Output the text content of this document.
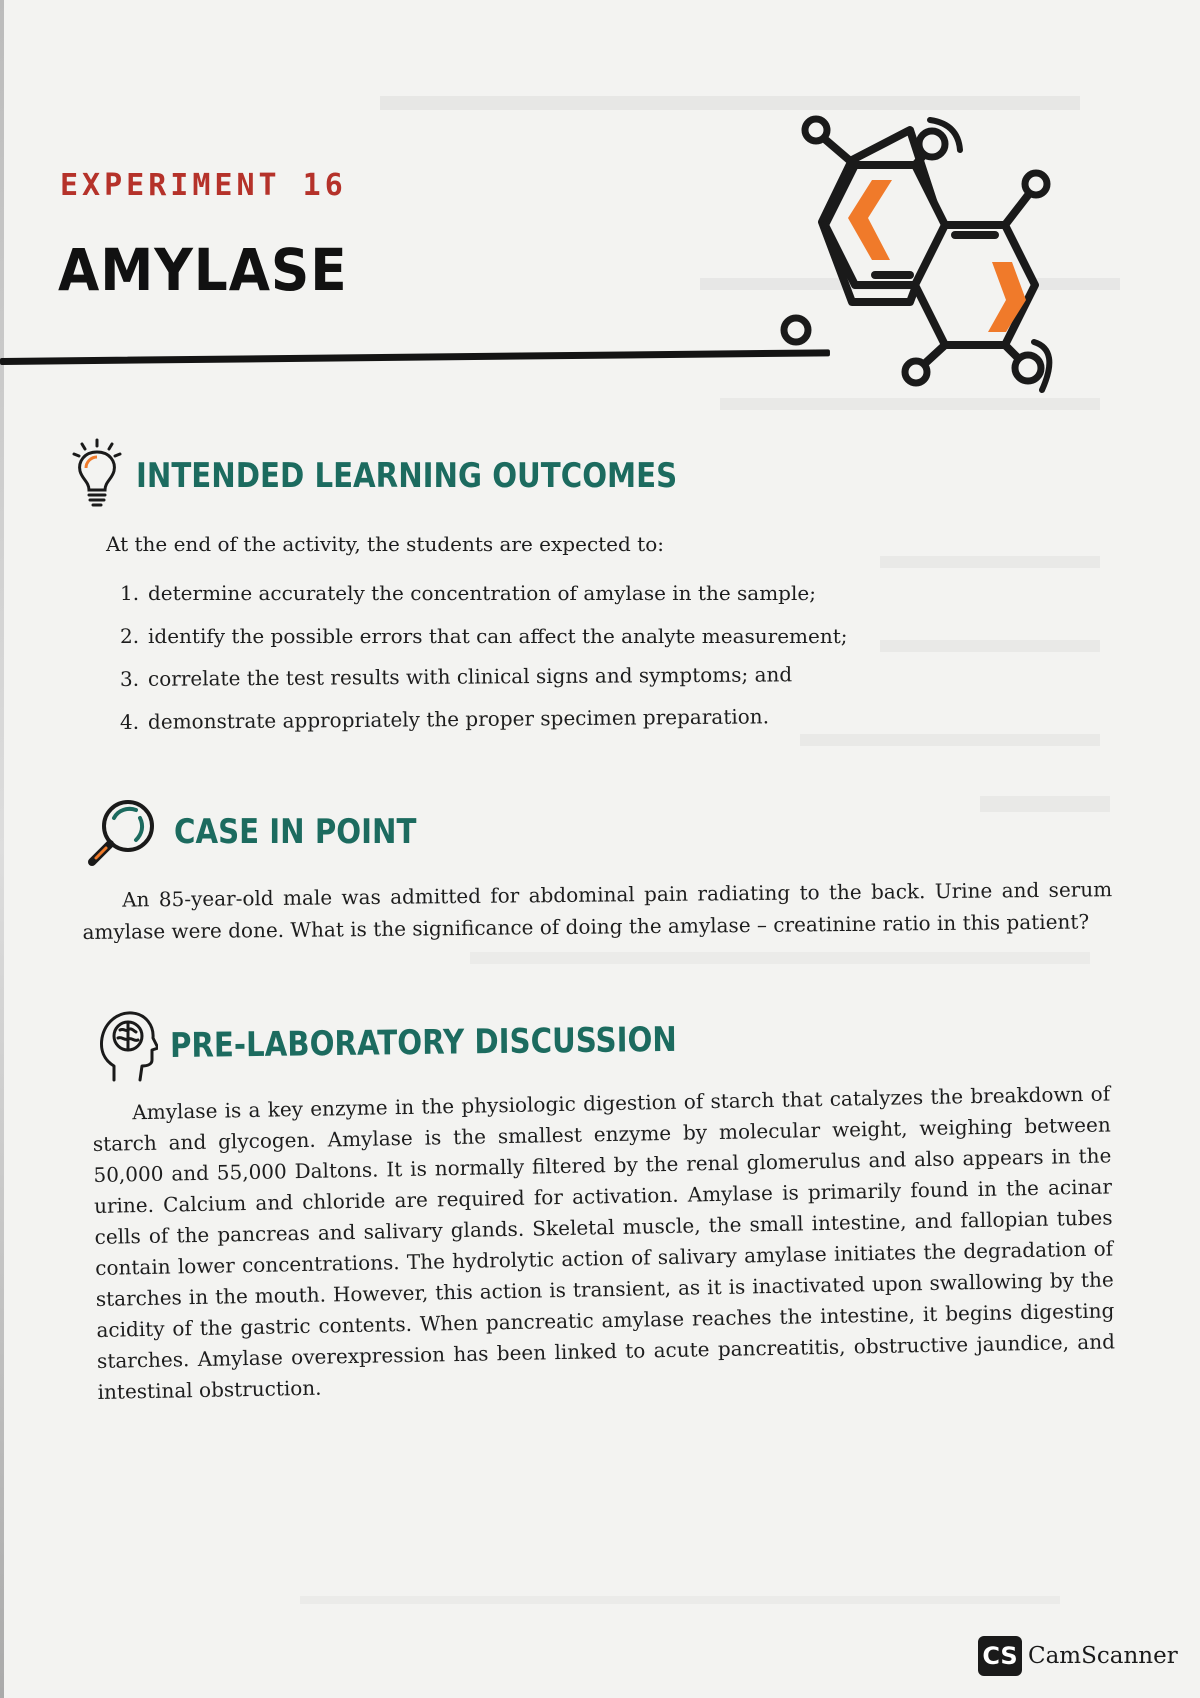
EXPERIMENT 16
AMYLASE
INTENDED LEARNING OUTCOMES
At the end of the activity, the students are expected to:
1. determine accurately the concentration of amylase in the sample;
2. identify the possible errors that can affect the analyte measurement;
3. correlate the test results with clinical signs and symptoms; and
4. demonstrate appropriately the proper specimen preparation.
CASE IN POINT
An 85-year-old male was admitted for abdominal pain radiating to the back. Urine and serum amylase were done. What is the significance of doing the amylase – creatinine ratio in this patient?
PRE-LABORATORY DISCUSSION
Amylase is a key enzyme in the physiologic digestion of starch that catalyzes the breakdown of starch and glycogen. Amylase is the smallest enzyme by molecular weight, weighing between 50,000 and 55,000 Daltons. It is normally filtered by the renal glomerulus and also appears in the urine. Calcium and chloride are required for activation. Amylase is primarily found in the acinar cells of the pancreas and salivary glands. Skeletal muscle, the small intestine, and fallopian tubes contain lower concentrations. The hydrolytic action of salivary amylase initiates the degradation of starches in the mouth. However, this action is transient, as it is inactivated upon swallowing by the acidity of the gastric contents. When pancreatic amylase reaches the intestine, it begins digesting starches. Amylase overexpression has been linked to acute pancreatitis, obstructive jaundice, and intestinal obstruction.
CS CamScanner
